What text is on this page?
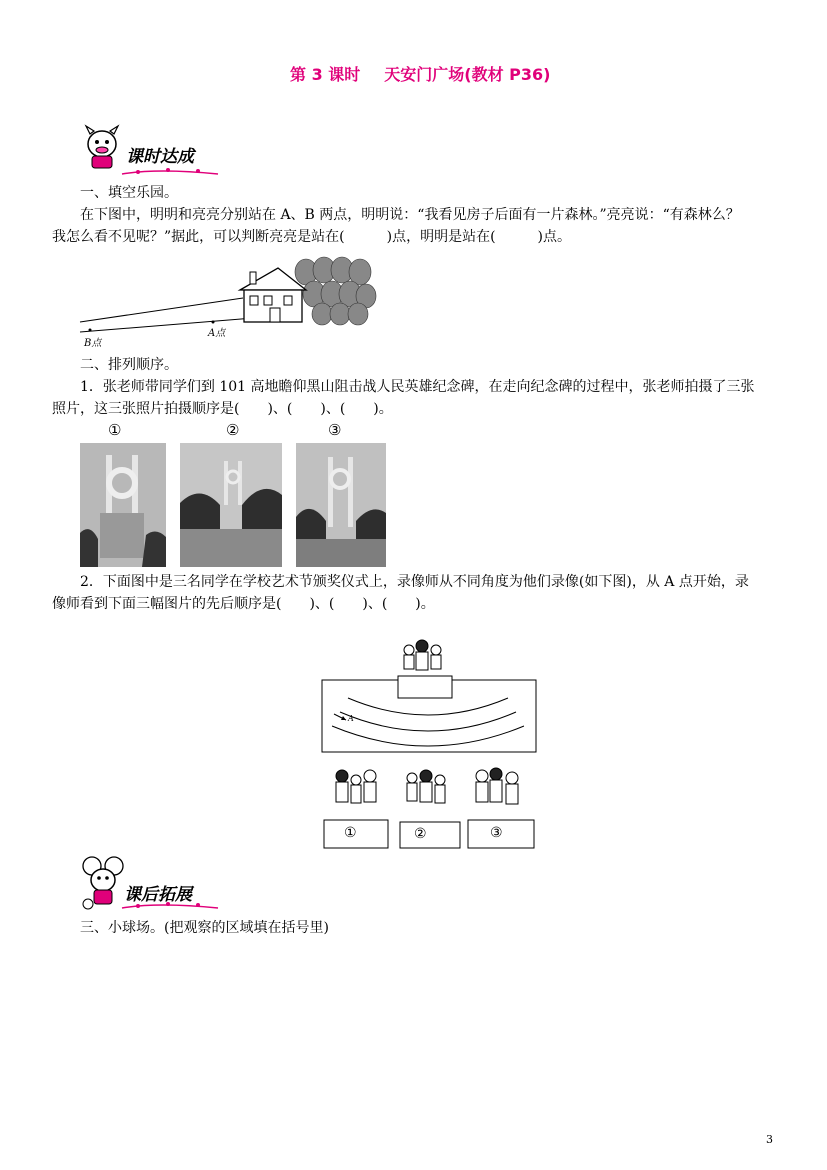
第 3 课时 天安门广场(教材 P36)
课时达成
一、填空乐园。
在下图中，明明和亮亮分别站在 A、B 两点，明明说：“我看见房子后面有一片森林。”亮亮说：“有森林么？
我怎么看不见呢？”据此，可以判断亮亮是站在(　　　)点，明明是站在(　　　)点。
B点
A点
二、排列顺序。
1．张老师带同学们到 101 高地瞻仰黑山阻击战人民英雄纪念碑，在走向纪念碑的过程中，张老师拍摄了三张
照片，这三张照片拍摄顺序是(　　)、(　　)、(　　)。
①	②	③
2．下面图中是三名同学在学校艺术节颁奖仪式上，录像师从不同角度为他们录像(如下图)，从 A 点开始，录
像师看到下面三幅图片的先后顺序是(　　)、(　　)、(　　)。
A
①	②	③
课后拓展
三、小球场。(把观察的区域填在括号里)
3
